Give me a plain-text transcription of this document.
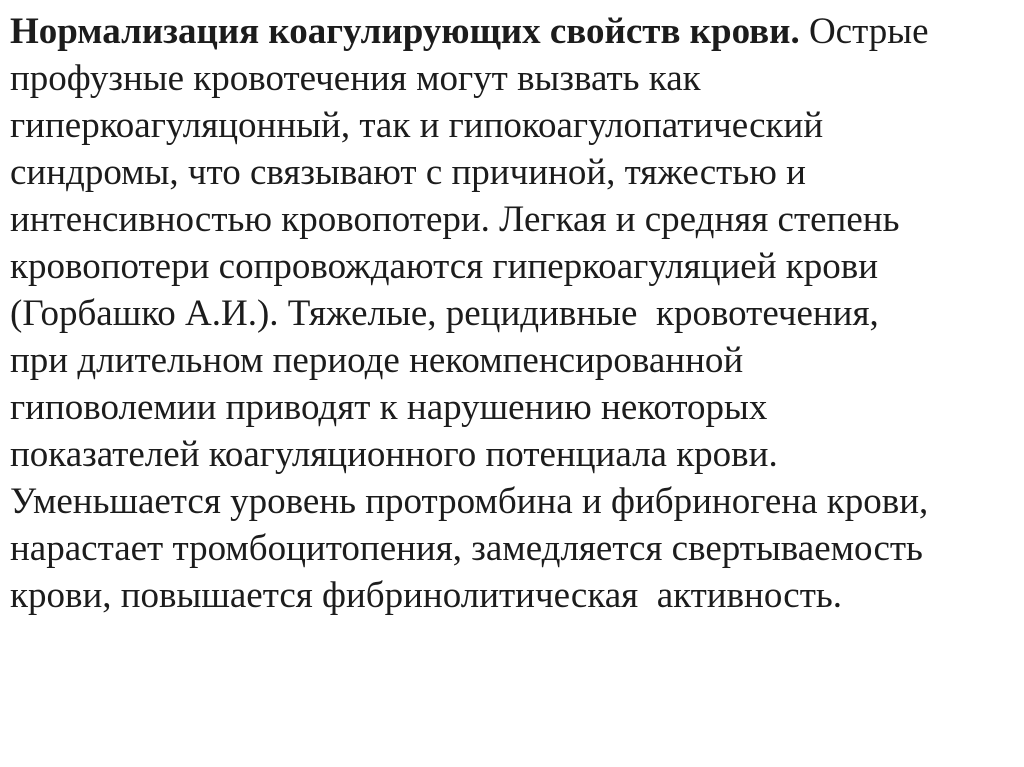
Нормализация коагулирующих свойств крови. Острые
профузные кровотечения могут вызвать как
гиперкоагуляцонный, так и гипокоагулопатический
синдромы, что связывают с причиной, тяжестью и
интенсивностью кровопотери. Легкая и средняя степень
кровопотери сопровождаются гиперкоагуляцией крови
(Горбашко А.И.). Тяжелые, рецидивные  кровотечения,
при длительном периоде некомпенсированной
гиповолемии приводят к нарушению некоторых
показателей коагуляционного потенциала крови.
Уменьшается уровень протромбина и фибриногена крови,
нарастает тромбоцитопения, замедляется свертываемость
крови, повышается фибринолитическая  активность.
